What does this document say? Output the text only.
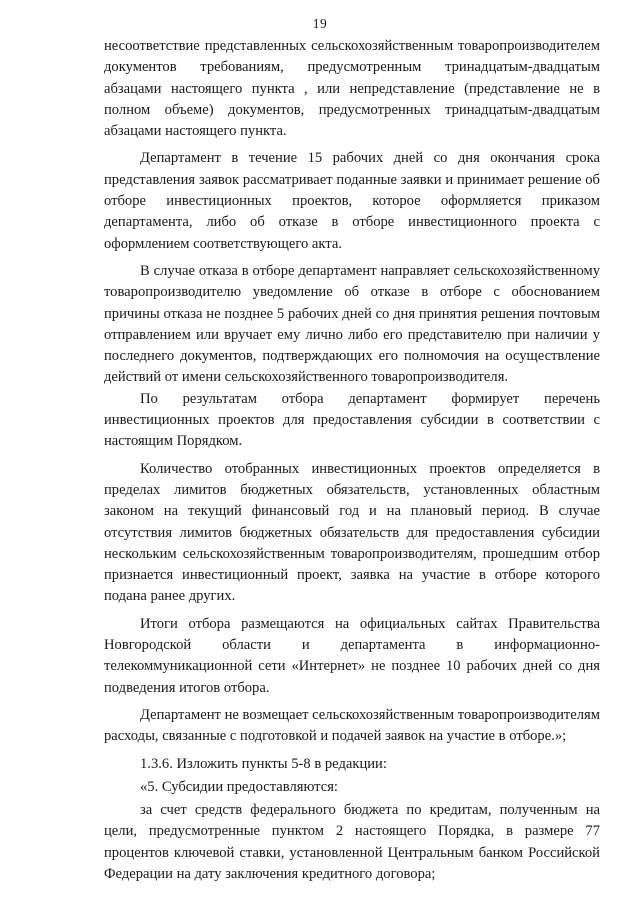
19

несоответствие представленных сельскохозяйственным товаропроизводителем документов требованиям, предусмотренным тринадцатым-двадцатым абзацами настоящего пункта , или непредставление (представление не в полном объеме) документов, предусмотренных тринадцатым-двадцатым абзацами настоящего пункта.

Департамент в течение 15 рабочих дней со дня окончания срока представления заявок рассматривает поданные заявки и принимает решение об отборе инвестиционных проектов, которое оформляется приказом департамента, либо об отказе в отборе инвестиционного проекта с оформлением соответствующего акта.

В случае отказа в отборе департамент направляет сельскохозяйственному товаропроизводителю уведомление об отказе в отборе с обоснованием причины отказа не позднее 5 рабочих дней со дня принятия решения почтовым отправлением или вручает ему лично либо его представителю при наличии у последнего документов, подтверждающих его полномочия на осуществление действий от имени сельскохозяйственного товаропроизводителя.

По результатам отбора департамент формирует перечень инвестиционных проектов для предоставления субсидии в соответствии с настоящим Порядком.

Количество отобранных инвестиционных проектов определяется в пределах лимитов бюджетных обязательств, установленных областным законом на текущий финансовый год и на плановый период. В случае отсутствия лимитов бюджетных обязательств для предоставления субсидии нескольким сельскохозяйственным товаропроизводителям, прошедшим отбор признается инвестиционный проект, заявка на участие в отборе которого подана ранее других.

Итоги отбора размещаются на официальных сайтах Правительства Новгородской области и департамента в информационно-телекоммуникационной сети «Интернет» не позднее 10 рабочих дней со дня подведения итогов отбора.

Департамент не возмещает сельскохозяйственным товаропроизводителям расходы, связанные с подготовкой и подачей заявок на участие в отборе.»;

1.3.6. Изложить пункты 5-8 в редакции:

«5. Субсидии предоставляются:

за счет средств федерального бюджета по кредитам, полученным на цели, предусмотренные пунктом 2 настоящего Порядка, в размере 77 процентов ключевой ставки, установленной Центральным банком Российской Федерации на дату заключения кредитного договора;
